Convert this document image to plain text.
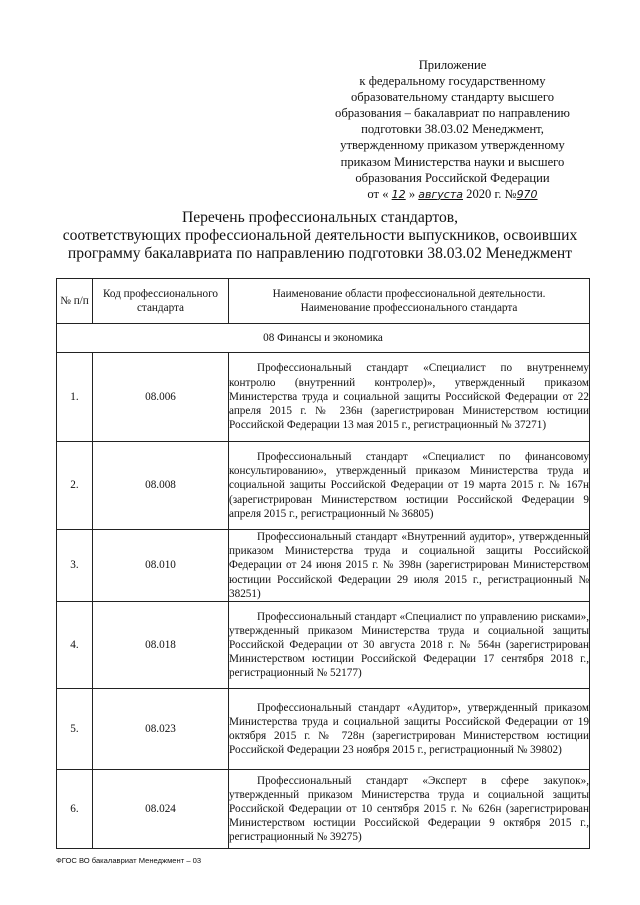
Приложение
к федеральному государственному
образовательному стандарту высшего
образования – бакалавриат по направлению
подготовки 38.03.02 Менеджмент,
утвержденному приказом утвержденному
приказом Министерства науки и высшего
образования Российской Федерации
от « 12 » августа 2020 г. №970
Перечень профессиональных стандартов,
соответствующих профессиональной деятельности выпускников, освоивших
программу бакалавриата по направлению подготовки 38.03.02 Менеджмент
№ п/п	Код профессионального стандарта	Наименование области профессиональной деятельности.
Наименование профессионального стандарта

08 Финансы и экономика		
1.	08.006	Профессиональный стандарт «Специалист по внутреннему контролю (внутренний контролер)», утвержденный приказом Министерства труда и социальной защиты Российской Федерации от 22 апреля 2015 г. № 236н (зарегистрирован Министерством юстиции Российской Федерации 13 мая 2015 г., регистрационный № 37271)
2.	08.008	Профессиональный стандарт «Специалист по финансовому консультированию», утвержденный приказом Министерства труда и социальной защиты Российской Федерации от 19 марта 2015 г. № 167н (зарегистрирован Министерством юстиции Российской Федерации 9 апреля 2015 г., регистрационный № 36805)
3.	08.010	Профессиональный стандарт «Внутренний аудитор», утвержденный приказом Министерства труда и социальной защиты Российской Федерации от 24 июня 2015 г. № 398н (зарегистрирован Министерством юстиции Российской Федерации 29 июля 2015 г., регистрационный № 38251)
4.	08.018	Профессиональный стандарт «Специалист по управлению рисками», утвержденный приказом Министерства труда и социальной защиты Российской Федерации от 30 августа 2018 г. № 564н (зарегистрирован Министерством юстиции Российской Федерации 17 сентября 2018 г., регистрационный № 52177)
5.	08.023	Профессиональный стандарт «Аудитор», утвержденный приказом Министерства труда и социальной защиты Российской Федерации от 19 октября 2015 г. № 728н (зарегистрирован Министерством юстиции Российской Федерации 23 ноября 2015 г., регистрационный № 39802)
6.	08.024	Профессиональный стандарт «Эксперт в сфере закупок», утвержденный приказом Министерства труда и социальной защиты Российской Федерации от 10 сентября 2015 г. № 626н (зарегистрирован Министерством юстиции Российской Федерации 9 октября 2015 г., регистрационный № 39275)
ФГОС ВО бакалавриат Менеджмент – 03
